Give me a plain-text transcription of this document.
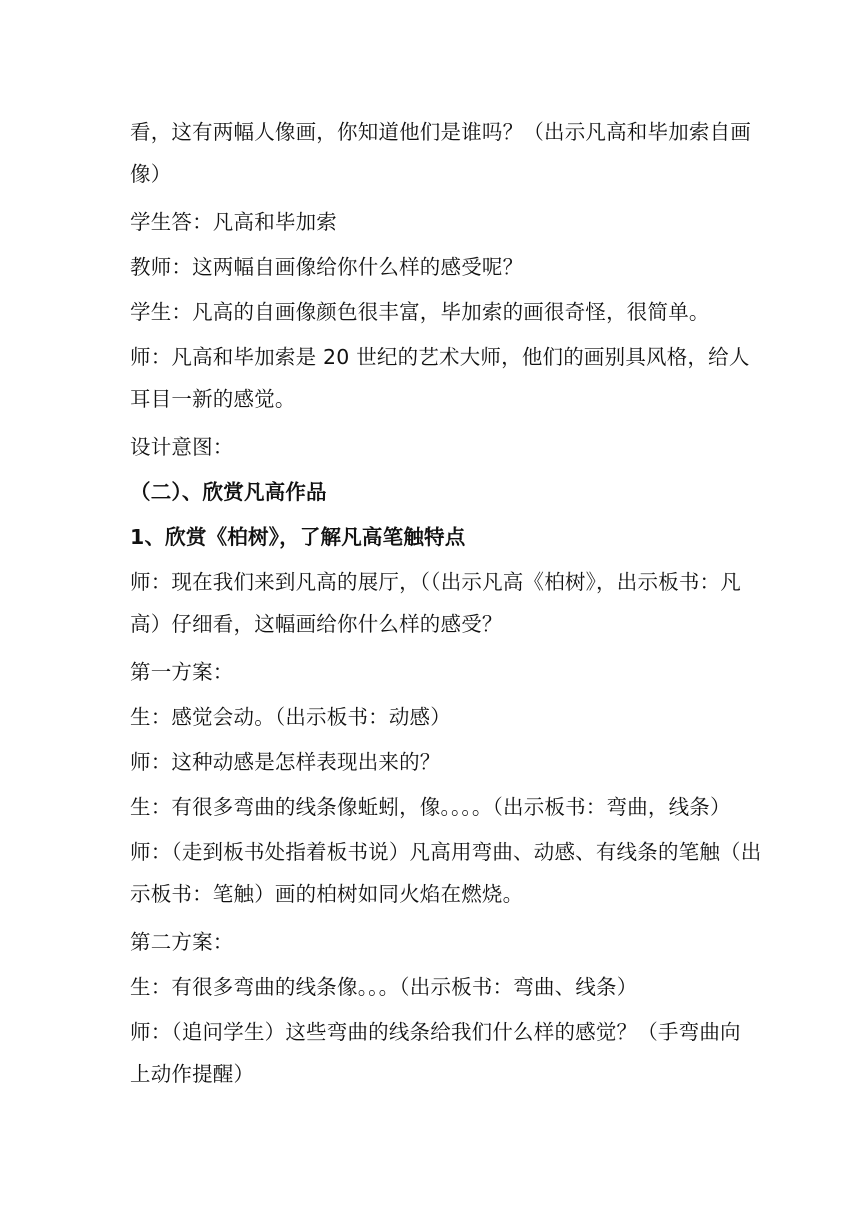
看，这有两幅人像画，你知道他们是谁吗？（出示凡高和毕加索自画
像）
学生答：凡高和毕加索
教师：这两幅自画像给你什么样的感受呢？
学生：凡高的自画像颜色很丰富，毕加索的画很奇怪，很简单。
师：凡高和毕加索是 20 世纪的艺术大师，他们的画别具风格，给人
耳目一新的感觉。
设计意图：
（二）、欣赏凡高作品
1、欣赏《柏树》，了解凡高笔触特点
师：现在我们来到凡高的展厅，（（出示凡高《柏树》，出示板书：凡
高）仔细看，这幅画给你什么样的感受？
第一方案：
生：感觉会动。（出示板书：动感）
师：这种动感是怎样表现出来的？
生：有很多弯曲的线条像蚯蚓，像。。。。（出示板书：弯曲，线条）
师：（走到板书处指着板书说）凡高用弯曲、动感、有线条的笔触（出
示板书：笔触）画的柏树如同火焰在燃烧。
第二方案：
生：有很多弯曲的线条像。。。（出示板书：弯曲、线条）
师：（追问学生）这些弯曲的线条给我们什么样的感觉？（手弯曲向
上动作提醒）
